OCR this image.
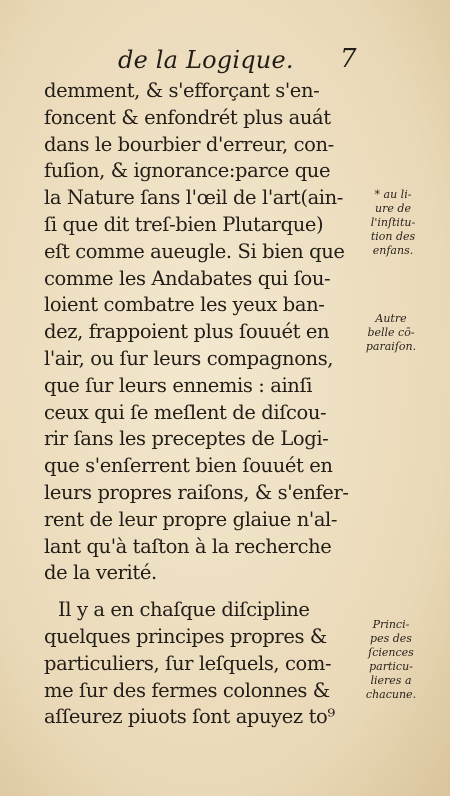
de la Logique. 7
demment, & s'efforçant s'en-
foncent & enfondrét plus auát
dans le bourbier d'erreur, con-
fuſion, & ignorance:parce que
la Nature ſans l'œil de l'art(ain-
ſi que dit treſ-bien Plutarque)
eſt comme aueugle. Si bien que
comme les Andabates qui ſou-
loient combatre les yeux ban-
dez, frappoient plus ſouuét en
l'air, ou ſur leurs compagnons,
que ſur leurs ennemis : ainſi
ceux qui ſe meſlent de diſcou-
rir ſans les preceptes de Logi-
que s'enſerrent bien ſouuét en
leurs propres raiſons, & s'enfer-
rent de leur propre glaiue n'al-
lant qu'à taſton à la recherche
de la verité.
Il y a en chaſque diſcipline
quelques principes propres &
particuliers, ſur leſquels, com-
me ſur des fermes colonnes &
aſſeurez piuots ſont apuyez to⁹
* au li-
ure de
l'inſtitu-
tion des
enfans.
Autre
belle cō-
paraiſon.
Princi-
pes des
ſciences
particu-
lieres a
chacune.
